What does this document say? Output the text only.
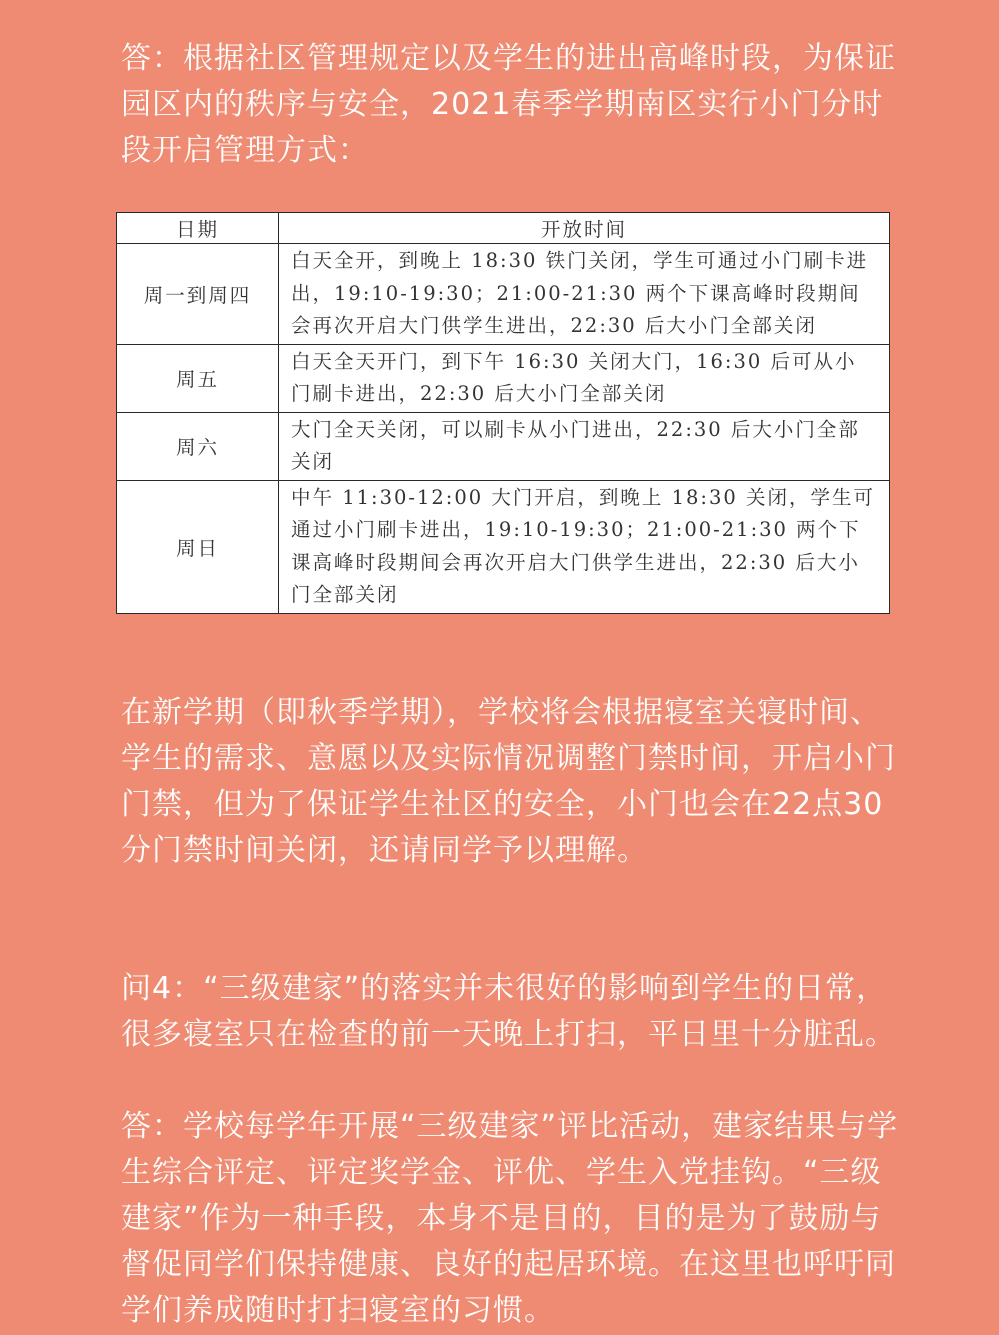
答：根据社区管理规定以及学生的进出高峰时段，为保证园区内的秩序与安全，2021春季学期南区实行小门分时段开启管理方式：

日期	开放时间
周一到周四	白天全开，到晚上 18:30 铁门关闭，学生可通过小门刷卡进出，19:10-19:30；21:00-21:30 两个下课高峰时段期间会再次开启大门供学生进出，22:30 后大小门全部关闭
周五	白天全天开门，到下午 16:30 关闭大门，16:30 后可从小门刷卡进出，22:30 后大小门全部关闭
周六	大门全天关闭，可以刷卡从小门进出，22:30 后大小门全部关闭
周日	中午 11:30-12:00 大门开启，到晚上 18:30 关闭，学生可通过小门刷卡进出，19:10-19:30；21:00-21:30 两个下课高峰时段期间会再次开启大门供学生进出，22:30 后大小门全部关闭

在新学期（即秋季学期），学校将会根据寝室关寝时间、学生的需求、意愿以及实际情况调整门禁时间，开启小门门禁，但为了保证学生社区的安全，小门也会在22点30分门禁时间关闭，还请同学予以理解。

问4：“三级建家”的落实并未很好的影响到学生的日常，很多寝室只在检查的前一天晚上打扫，平日里十分脏乱。

答：学校每学年开展“三级建家”评比活动，建家结果与学生综合评定、评定奖学金、评优、学生入党挂钩。“三级建家”作为一种手段，本身不是目的，目的是为了鼓励与督促同学们保持健康、良好的起居环境。在这里也呼吁同学们养成随时打扫寝室的习惯。
